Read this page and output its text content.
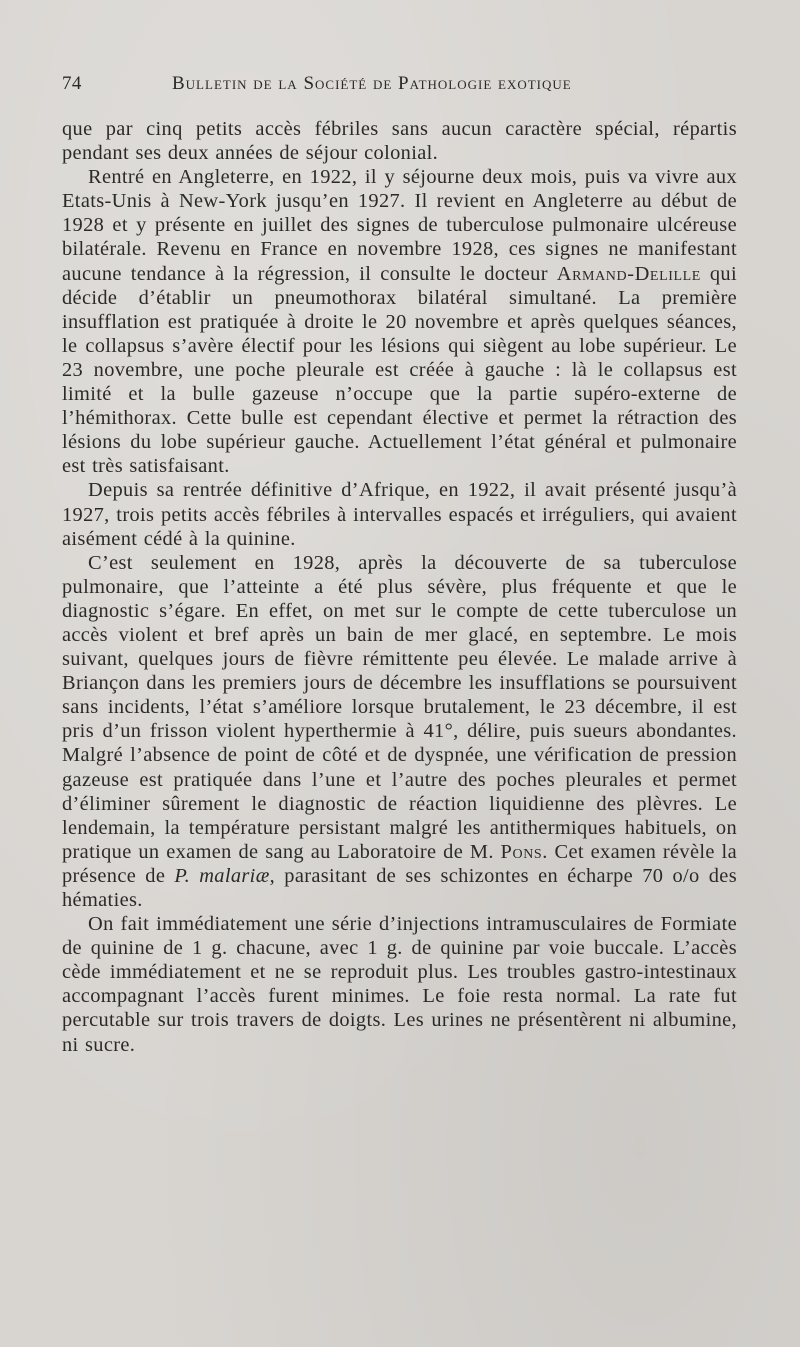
74	Bulletin de la Société de Pathologie exotique

que par cinq petits accès fébriles sans aucun caractère spécial, répartis pendant ses deux années de séjour colonial.

Rentré en Angleterre, en 1922, il y séjourne deux mois, puis va vivre aux Etats-Unis à New-York jusqu’en 1927. Il revient en Angleterre au début de 1928 et y présente en juillet des signes de tuberculose pulmonaire ulcéreuse bilatérale. Revenu en France en novembre 1928, ces signes ne manifestant aucune tendance à la régression, il consulte le docteur Armand-Delille qui décide d’établir un pneumothorax bilatéral simultané. La première insufflation est pratiquée à droite le 20 novembre et après quelques séances, le collapsus s’avère électif pour les lésions qui siègent au lobe supérieur. Le 23 novembre, une poche pleurale est créée à gauche : là le collapsus est limité et la bulle gazeuse n’occupe que la partie supéro-externe de l’hémithorax. Cette bulle est cependant élective et permet la rétraction des lésions du lobe supérieur gauche. Actuellement l’état général et pulmonaire est très satisfaisant.

Depuis sa rentrée définitive d’Afrique, en 1922, il avait présenté jusqu’à 1927, trois petits accès fébriles à intervalles espacés et irréguliers, qui avaient aisément cédé à la quinine.

C’est seulement en 1928, après la découverte de sa tuberculose pulmonaire, que l’atteinte a été plus sévère, plus fréquente et que le diagnostic s’égare. En effet, on met sur le compte de cette tuberculose un accès violent et bref après un bain de mer glacé, en septembre. Le mois suivant, quelques jours de fièvre rémittente peu élevée. Le malade arrive à Briançon dans les premiers jours de décembre les insufflations se poursuivent sans incidents, l’état s’améliore lorsque brutalement, le 23 décembre, il est pris d’un frisson violent hyperthermie à 41°, délire, puis sueurs abondantes. Malgré l’absence de point de côté et de dyspnée, une vérification de pression gazeuse est pratiquée dans l’une et l’autre des poches pleurales et permet d’éliminer sûrement le diagnostic de réaction liquidienne des plèvres. Le lendemain, la température persistant malgré les antithermiques habituels, on pratique un examen de sang au Laboratoire de M. Pons. Cet examen révèle la présence de P. malariæ, parasitant de ses schizontes en écharpe 70 o/o des hématies.

On fait immédiatement une série d’injections intramusculaires de Formiate de quinine de 1 g. chacune, avec 1 g. de quinine par voie buccale. L’accès cède immédiatement et ne se reproduit plus. Les troubles gastro-intestinaux accompagnant l’accès furent minimes. Le foie resta normal. La rate fut percutable sur trois travers de doigts. Les urines ne présentèrent ni albumine, ni sucre.
